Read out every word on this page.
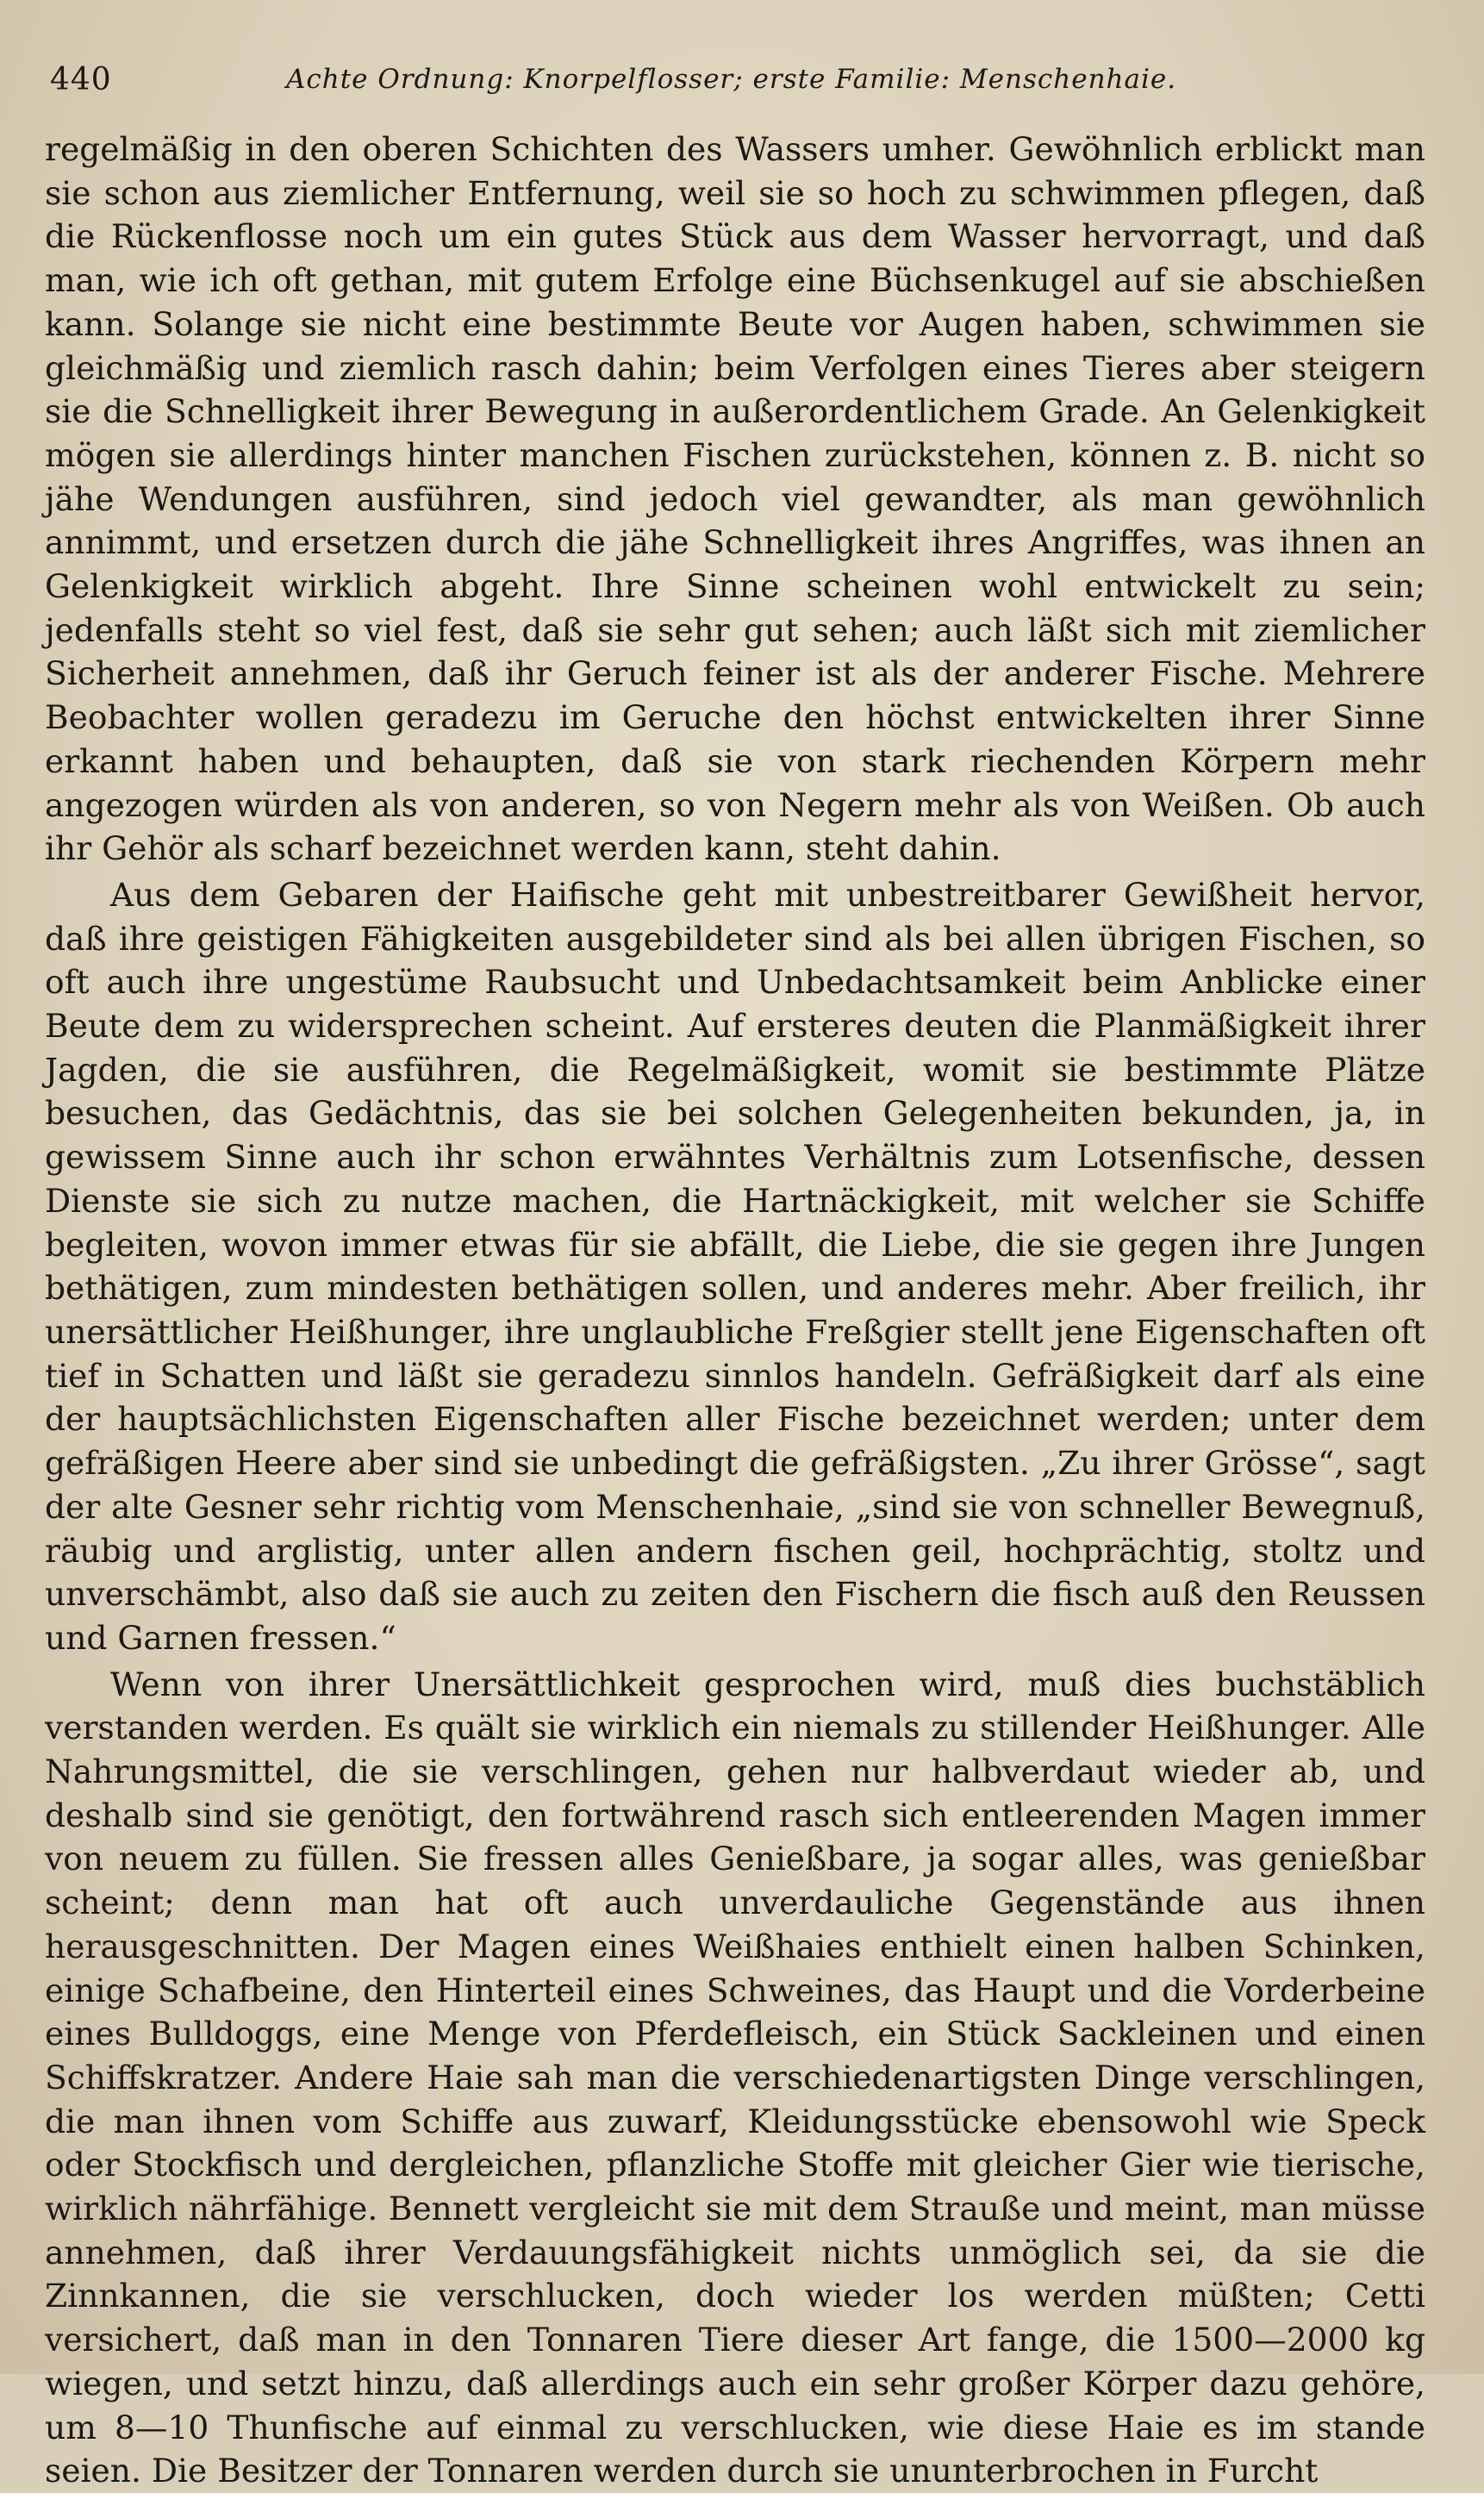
440	Achte Ordnung: Knorpelflosser; erste Familie: Menschenhaie.

regelmäßig in den oberen Schichten des Wassers umher. Gewöhnlich erblickt man sie schon aus ziemlicher Entfernung, weil sie so hoch zu schwimmen pflegen, daß die Rückenflosse noch um ein gutes Stück aus dem Wasser hervorragt, und daß man, wie ich oft gethan, mit gutem Erfolge eine Büchsenkugel auf sie abschießen kann. Solange sie nicht eine bestimmte Beute vor Augen haben, schwimmen sie gleichmäßig und ziemlich rasch dahin; beim Verfolgen eines Tieres aber steigern sie die Schnelligkeit ihrer Bewegung in außerordentlichem Grade. An Gelenkigkeit mögen sie allerdings hinter manchen Fischen zurückstehen, können z. B. nicht so jähe Wendungen ausführen, sind jedoch viel gewandter, als man gewöhnlich annimmt, und ersetzen durch die jähe Schnelligkeit ihres Angriffes, was ihnen an Gelenkigkeit wirklich abgeht. Ihre Sinne scheinen wohl entwickelt zu sein; jedenfalls steht so viel fest, daß sie sehr gut sehen; auch läßt sich mit ziemlicher Sicherheit annehmen, daß ihr Geruch feiner ist als der anderer Fische. Mehrere Beobachter wollen geradezu im Geruche den höchst entwickelten ihrer Sinne erkannt haben und behaupten, daß sie von stark riechenden Körpern mehr angezogen würden als von anderen, so von Negern mehr als von Weißen. Ob auch ihr Gehör als scharf bezeichnet werden kann, steht dahin.

Aus dem Gebaren der Haifische geht mit unbestreitbarer Gewißheit hervor, daß ihre geistigen Fähigkeiten ausgebildeter sind als bei allen übrigen Fischen, so oft auch ihre ungestüme Raubsucht und Unbedachtsamkeit beim Anblicke einer Beute dem zu widersprechen scheint. Auf ersteres deuten die Planmäßigkeit ihrer Jagden, die sie ausführen, die Regelmäßigkeit, womit sie bestimmte Plätze besuchen, das Gedächtnis, das sie bei solchen Gelegenheiten bekunden, ja, in gewissem Sinne auch ihr schon erwähntes Verhältnis zum Lotsenfische, dessen Dienste sie sich zu nutze machen, die Hartnäckigkeit, mit welcher sie Schiffe begleiten, wovon immer etwas für sie abfällt, die Liebe, die sie gegen ihre Jungen bethätigen, zum mindesten bethätigen sollen, und anderes mehr. Aber freilich, ihr unersättlicher Heißhunger, ihre unglaubliche Freßgier stellt jene Eigenschaften oft tief in Schatten und läßt sie geradezu sinnlos handeln. Gefräßigkeit darf als eine der hauptsächlichsten Eigenschaften aller Fische bezeichnet werden; unter dem gefräßigen Heere aber sind sie unbedingt die gefräßigsten. „Zu ihrer Grösse“, sagt der alte Gesner sehr richtig vom Menschenhaie, „sind sie von schneller Bewegnuß, räubig und arglistig, unter allen andern fischen geil, hochprächtig, stoltz und unverschämbt, also daß sie auch zu zeiten den Fischern die fisch auß den Reussen und Garnen fressen.“

Wenn von ihrer Unersättlichkeit gesprochen wird, muß dies buchstäblich verstanden werden. Es quält sie wirklich ein niemals zu stillender Heißhunger. Alle Nahrungsmittel, die sie verschlingen, gehen nur halbverdaut wieder ab, und deshalb sind sie genötigt, den fortwährend rasch sich entleerenden Magen immer von neuem zu füllen. Sie fressen alles Genießbare, ja sogar alles, was genießbar scheint; denn man hat oft auch unverdauliche Gegenstände aus ihnen herausgeschnitten. Der Magen eines Weißhaies enthielt einen halben Schinken, einige Schafbeine, den Hinterteil eines Schweines, das Haupt und die Vorderbeine eines Bulldoggs, eine Menge von Pferdefleisch, ein Stück Sackleinen und einen Schiffskratzer. Andere Haie sah man die verschiedenartigsten Dinge verschlingen, die man ihnen vom Schiffe aus zuwarf, Kleidungsstücke ebensowohl wie Speck oder Stockfisch und dergleichen, pflanzliche Stoffe mit gleicher Gier wie tierische, wirklich nährfähige. Bennett vergleicht sie mit dem Strauße und meint, man müsse annehmen, daß ihrer Verdauungsfähigkeit nichts unmöglich sei, da sie die Zinnkannen, die sie verschlucken, doch wieder los werden müßten; Cetti versichert, daß man in den Tonnaren Tiere dieser Art fange, die 1500—2000 kg wiegen, und setzt hinzu, daß allerdings auch ein sehr großer Körper dazu gehöre, um 8—10 Thunfische auf einmal zu verschlucken, wie diese Haie es im stande seien. Die Besitzer der Tonnaren werden durch sie ununterbrochen in Furcht
